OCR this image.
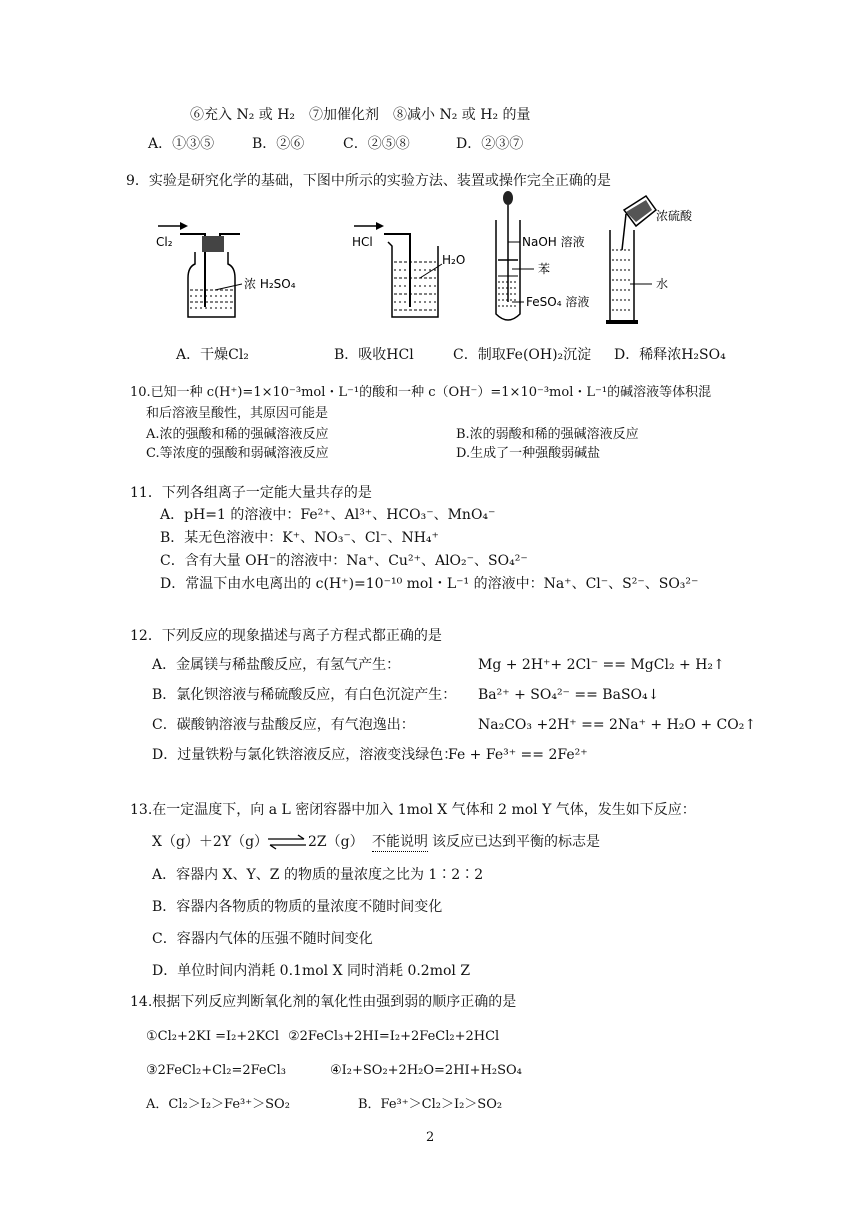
⑥充入 N₂ 或 H₂　⑦加催化剂　⑧减小 N₂ 或 H₂ 的量
A．①③⑤	B．②⑥	C．②⑤⑧	D．②③⑦
9．实验是研究化学的基础，下图中所示的实验方法、装置或操作完全正确的是
Cl₂
浓 H₂SO₄
HCl
H₂O
NaOH 溶液
苯
FeSO₄ 溶液
浓硫酸
水
A．干燥Cl₂	B．吸收HCl	C．制取Fe(OH)₂沉淀 D．稀释浓H₂SO₄
10.已知一种 c(H⁺)=1×10⁻³mol・L⁻¹的酸和一种 c（OH⁻）=1×10⁻³mol・L⁻¹的碱溶液等体积混
和后溶液呈酸性，其原因可能是
A.浓的强酸和稀的强碱溶液反应	B.浓的弱酸和稀的强碱溶液反应
C.等浓度的强酸和弱碱溶液反应	D.生成了一种强酸弱碱盐
11．下列各组离子一定能大量共存的是
A．pH=1 的溶液中：Fe²⁺、Al³⁺、HCO₃⁻、MnO₄⁻
B．某无色溶液中：K⁺、NO₃⁻、Cl⁻、NH₄⁺
C．含有大量 OH⁻的溶液中：Na⁺、Cu²⁺、AlO₂⁻、SO₄²⁻
D．常温下由水电离出的 c(H⁺)=10⁻¹⁰ mol・L⁻¹ 的溶液中：Na⁺、Cl⁻、S²⁻、SO₃²⁻
12．下列反应的现象描述与离子方程式都正确的是
A．金属镁与稀盐酸反应，有氢气产生：	Mg + 2H⁺+ 2Cl⁻ == MgCl₂ + H₂↑
B．氯化钡溶液与稀硫酸反应，有白色沉淀产生： Ba²⁺ + SO₄²⁻ == BaSO₄↓
C．碳酸钠溶液与盐酸反应，有气泡逸出：	Na₂CO₃ +2H⁺ == 2Na⁺ + H₂O + CO₂↑
D．过量铁粉与氯化铁溶液反应，溶液变浅绿色：
Fe + Fe³⁺ == 2Fe²⁺
13.在一定温度下，向 a L 密闭容器中加入 1mol X 气体和 2 mol Y 气体，发生如下反应：
X（g）＋2Y（g） ⇌ 2Z（g） 不能说明 该反应已达到平衡的标志是
A．容器内 X、Y、Z 的物质的量浓度之比为 1∶2∶2
B．容器内各物质的物质的量浓度不随时间变化
C．容器内气体的压强不随时间变化
D．单位时间内消耗 0.1mol X 同时消耗 0.2mol Z
14.根据下列反应判断氧化剂的氧化性由强到弱的顺序正确的是
①Cl₂+2KI =I₂+2KCl ②2FeCl₃+2HI=I₂+2FeCl₂+2HCl
③2FeCl₂+Cl₂=2FeCl₃	④I₂+SO₂+2H₂O=2HI+H₂SO₄
A．Cl₂＞I₂＞Fe³⁺＞SO₂	B．Fe³⁺＞Cl₂＞I₂＞SO₂
2
